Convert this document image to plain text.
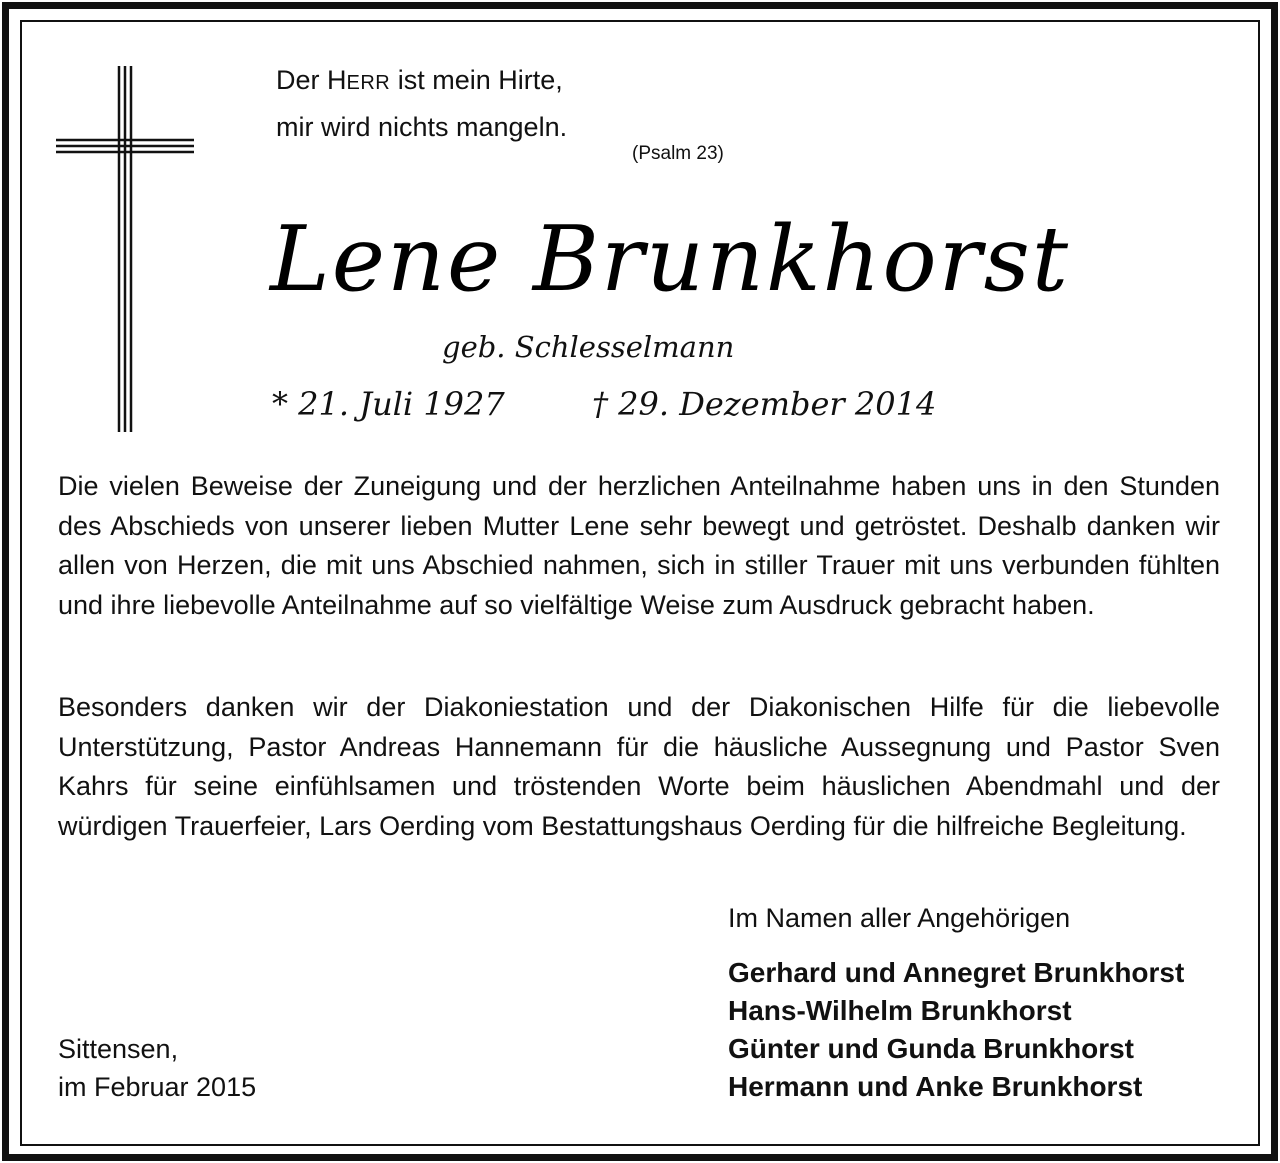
Der HERR ist mein Hirte,
mir wird nichts mangeln.
(Psalm 23)
Lene Brunkhorst
geb. Schlesselmann
* 21. Juli 1927	† 29. Dezember 2014
Die vielen Beweise der Zuneigung und der herzlichen Anteilnahme haben uns in den Stunden des Abschieds von unserer lieben Mutter Lene sehr bewegt und getröstet. Deshalb danken wir allen von Herzen, die mit uns Abschied nahmen, sich in stiller Trauer mit uns verbunden fühlten und ihre liebevolle Anteilnahme auf so vielfältige Weise zum Ausdruck gebracht haben.
Besonders danken wir der Diakoniestation und der Diakonischen Hilfe für die liebevolle Unterstützung, Pastor Andreas Hannemann für die häusliche Aussegnung und Pastor Sven Kahrs für seine einfühlsamen und tröstenden Worte beim häuslichen Abendmahl und der würdigen Trauerfeier, Lars Oerding vom Bestattungshaus Oerding für die hilfreiche Begleitung.
Im Namen aller Angehörigen
Gerhard und Annegret Brunkhorst
Hans-Wilhelm Brunkhorst
Günter und Gunda Brunkhorst
Hermann und Anke Brunkhorst
Sittensen,
im Februar 2015
